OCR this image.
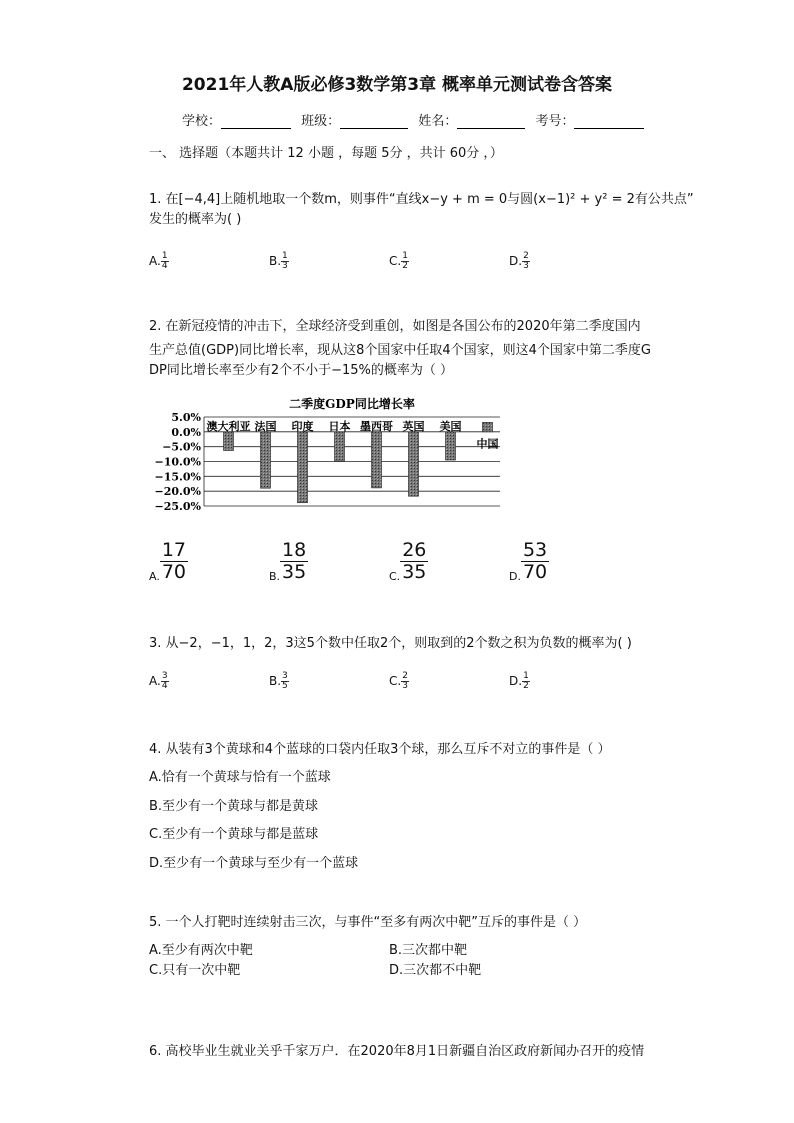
2021年人教A版必修3数学第3章 概率单元测试卷含答案
学校：	班级：	姓名：	考号：
一、 选择题（本题共计 12 小题 ，每题 5分 ，共计 60分 ，）
1. 在[−4,4]上随机地取一个数m，则事件“直线x−y + m = 0与圆(x−1)² + y² = 2有公共点”
发生的概率为( )
A. $\frac{1}{4}$	B. $\frac{1}{3}$	C. $\frac{1}{2}$	D. $\frac{2}{3}$
2. 在新冠疫情的冲击下，全球经济受到重创，如图是各国公布的2020年第二季度国内
生产总值(GDP)同比增长率，现从这8个国家中任取4个国家，则这4个国家中第二季度G
DP同比增长率至少有2个不小于−15%的概率为（ ）
二季度GDP同比增长率
5.0%
0.0%
−5.0%
−10.0%
−15.0%
−20.0%
−25.0%
澳大利亚 法国 印度 日本 墨西哥 英国 美国
中国
A. $\frac{17}{70}$	B. $\frac{18}{35}$	C. $\frac{26}{35}$	D. $\frac{53}{70}$
3. 从−2，−1，1，2，3这5个数中任取2个，则取到的2个数之积为负数的概率为( )
A. $\frac{3}{4}$	B. $\frac{3}{5}$	C. $\frac{2}{3}$	D. $\frac{1}{2}$
4. 从装有3个黄球和4个蓝球的口袋内任取3个球，那么互斥不对立的事件是（ ）
A.恰有一个黄球与恰有一个蓝球
B.至少有一个黄球与都是黄球
C.至少有一个黄球与都是蓝球
D.至少有一个黄球与至少有一个蓝球
5. 一个人打靶时连续射击三次，与事件“至多有两次中靶”互斥的事件是（ ）
A.至少有两次中靶	B.三次都中靶
C.只有一次中靶	D.三次都不中靶
6. 高校毕业生就业关乎千家万户．在2020年8月1日新疆自治区政府新闻办召开的疫情
